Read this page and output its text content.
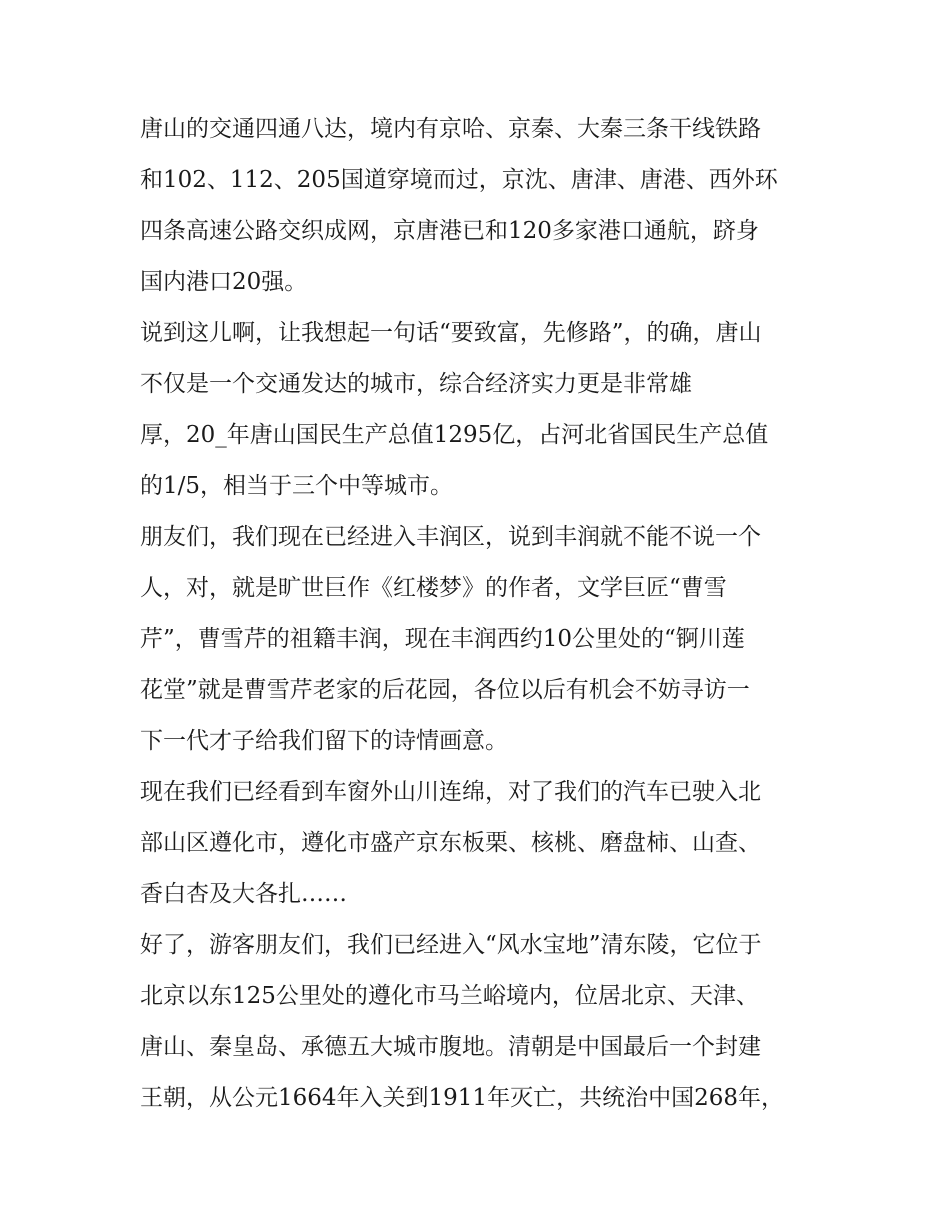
唐山的交通四通八达，境内有京哈、京秦、大秦三条干线铁路
和102、112、205国道穿境而过，京沈、唐津、唐港、西外环
四条高速公路交织成网，京唐港已和120多家港口通航，跻身
国内港口20强。
说到这儿啊，让我想起一句话“要致富，先修路”，的确，唐山
不仅是一个交通发达的城市，综合经济实力更是非常雄
厚，20_年唐山国民生产总值1295亿，占河北省国民生产总值
的1/5，相当于三个中等城市。
朋友们，我们现在已经进入丰润区，说到丰润就不能不说一个
人，对，就是旷世巨作《红楼梦》的作者，文学巨匠“曹雪
芹”，曹雪芹的祖籍丰润，现在丰润西约10公里处的“锕川莲
花堂”就是曹雪芹老家的后花园，各位以后有机会不妨寻访一
下一代才子给我们留下的诗情画意。
现在我们已经看到车窗外山川连绵，对了我们的汽车已驶入北
部山区遵化市，遵化市盛产京东板栗、核桃、磨盘柿、山查、
香白杏及大各扎……
好了，游客朋友们，我们已经进入“风水宝地”清东陵，它位于
北京以东125公里处的遵化市马兰峪境内，位居北京、天津、
唐山、秦皇岛、承德五大城市腹地。清朝是中国最后一个封建
王朝，从公元1664年入关到1911年灭亡，共统治中国268年，
